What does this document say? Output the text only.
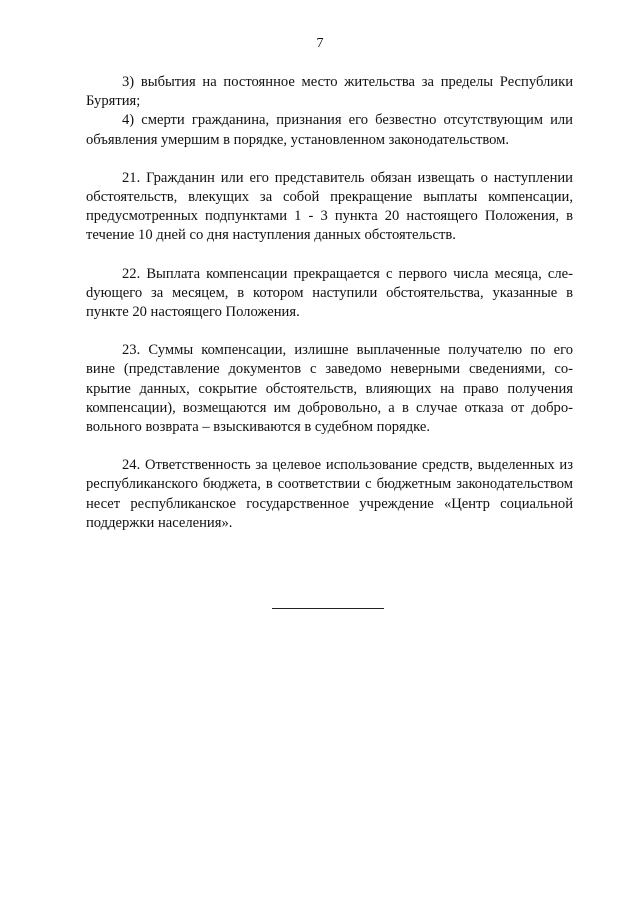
7

3) выбытия на постоянное место жительства за пределы Республики Бурятия;

4) смерти гражданина, признания его безвестно отсутствующим или объявления умершим в порядке, установленном законодательством.

21. Гражданин или его представитель обязан извещать о наступлении обстоятельств, влекущих за собой прекращение выплаты компенсации, предусмотренных подпунктами 1 - 3 пункта 20 настоящего Положения, в течение 10 дней со дня наступления данных обстоятельств.

22. Выплата компенсации прекращается с первого числа месяца, слеdующего за месяцем, в котором наступили обстоятельства, указанные в пункте 20 настоящего Положения.

23. Суммы компенсации, излишне выплаченные получателю по его вине (представление документов с заведомо неверными сведениями, сокрытие данных, сокрытие обстоятельств, влияющих на право получения компенсации), возмещаются им добровольно, а в случае отказа от добровольного возврата – взыскиваются в судебном порядке.

24. Ответственность за целевое использование средств, выделенных из республиканского бюджета, в соответствии с бюджетным законодательством несет республиканское государственное учреждение «Центр социальной поддержки населения».
